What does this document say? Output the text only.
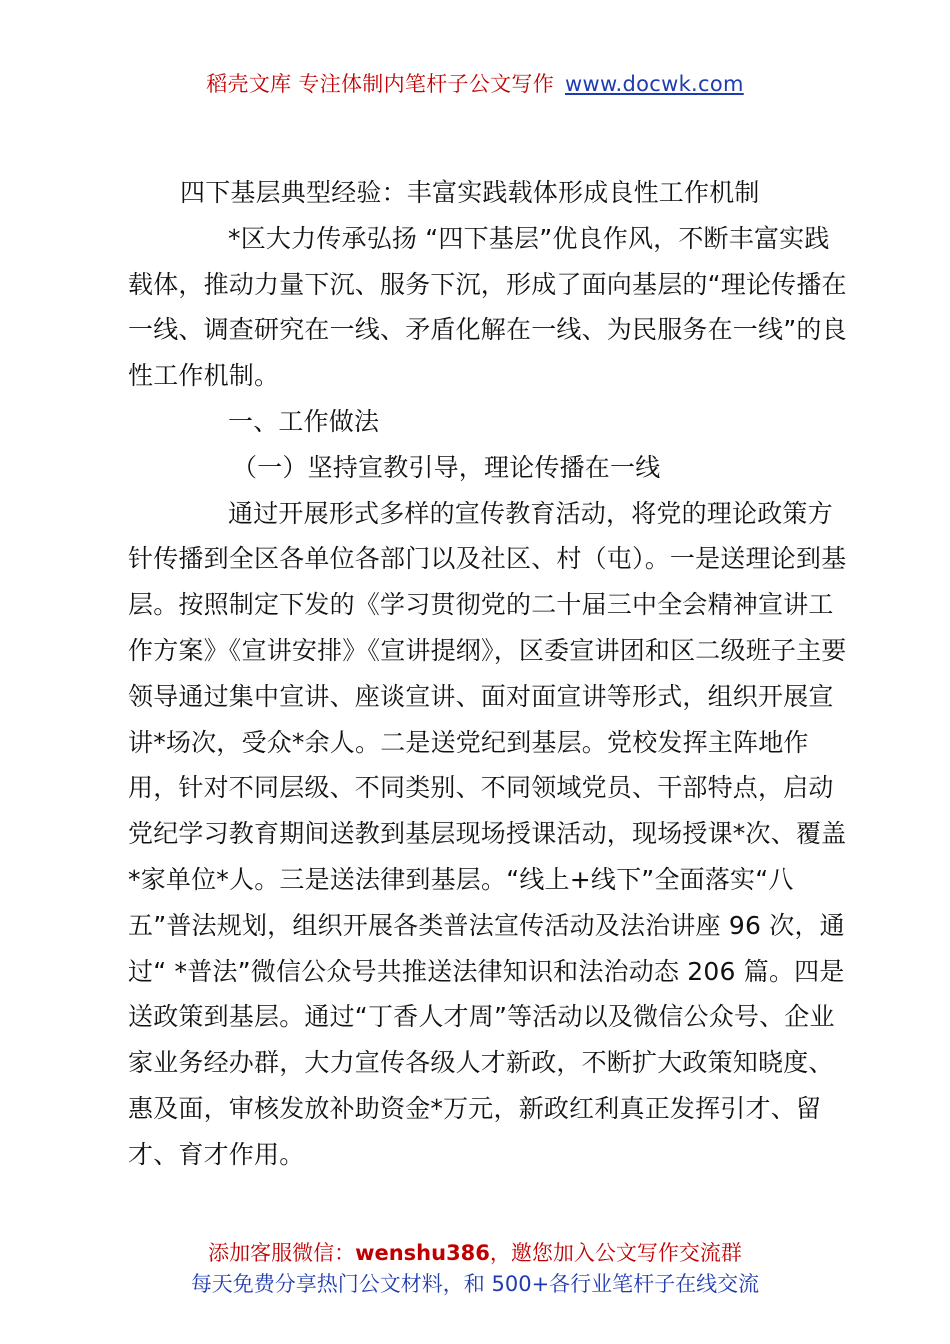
稻壳文库 专注体制内笔杆子公文写作 www.docwk.com

四下基层典型经验：丰富实践载体形成良性工作机制

*区大力传承弘扬 “四下基层”优良作风，不断丰富实践载体，推动力量下沉、服务下沉，形成了面向基层的“理论传播在一线、调查研究在一线、矛盾化解在一线、为民服务在一线”的良性工作机制。

一、工作做法

（一）坚持宣教引导，理论传播在一线

通过开展形式多样的宣传教育活动，将党的理论政策方针传播到全区各单位各部门以及社区、村（屯）。一是送理论到基层。按照制定下发的《学习贯彻党的二十届三中全会精神宣讲工作方案》《宣讲安排》《宣讲提纲》，区委宣讲团和区二级班子主要领导通过集中宣讲、座谈宣讲、面对面宣讲等形式，组织开展宣讲*场次，受众*余人。二是送党纪到基层。党校发挥主阵地作用，针对不同层级、不同类别、不同领域党员、干部特点，启动党纪学习教育期间送教到基层现场授课活动，现场授课*次、覆盖*家单位*人。三是送法律到基层。“线上+线下”全面落实“八五”普法规划，组织开展各类普法宣传活动及法治讲座 96 次，通过“ *普法”微信公众号共推送法律知识和法治动态 206 篇。四是送政策到基层。通过“丁香人才周”等活动以及微信公众号、企业家业务经办群，大力宣传各级人才新政，不断扩大政策知晓度、惠及面，审核发放补助资金*万元，新政红利真正发挥引才、留才、育才作用。

添加客服微信：wenshu386，邀您加入公文写作交流群
每天免费分享热门公文材料，和 500+各行业笔杆子在线交流
